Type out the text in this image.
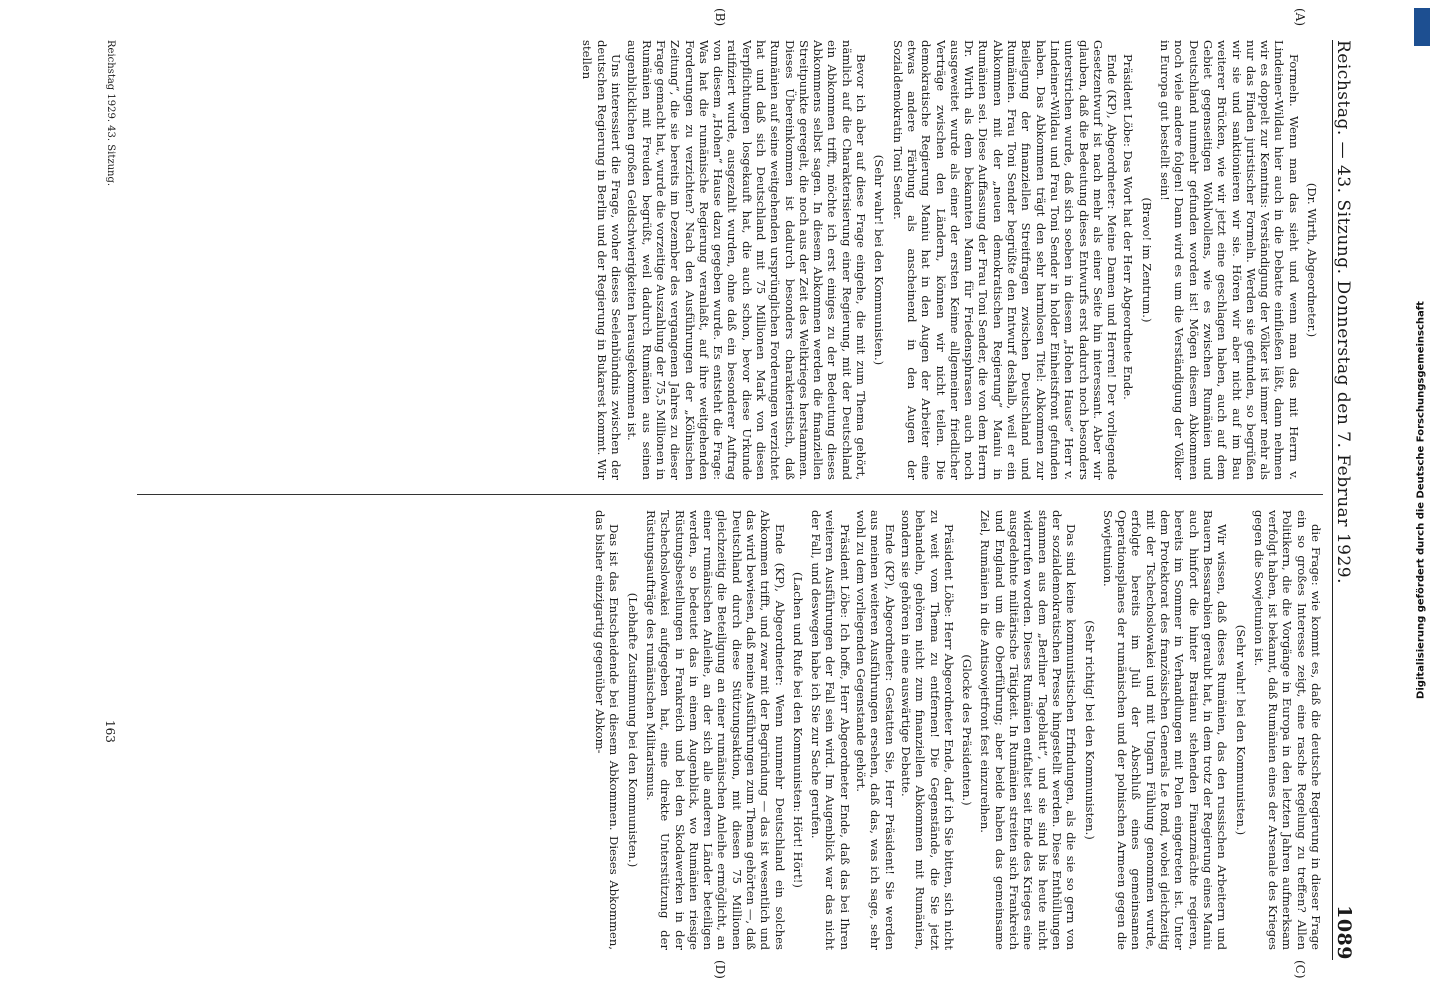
Reichstag. — 43. Sitzung. Donnerstag den 7. Februar 1929.
1089
(A)
(B)
(C)
(D)

(Dr. Wirth, Abgeordneter.)

Formeln. Wenn man das sieht und wenn man das mit Herrn v. Lindeiner-Wildau hier auch in die Debatte einfließen läßt, dann nehmen wir es doppelt zur Kenntnis: Verständigung der Völker ist immer mehr als nur das Finden juristischer Formeln. Werden sie gefunden, so begrüßen wir sie und sanktionieren wir sie. Hören wir aber nicht auf im Bau weiterer Brücken, wie wir jetzt eine geschlagen haben, auch auf dem Gebiet gegenseitigen Wohlwollens, wie es zwischen Rumänien und Deutschland nunmehr gefunden worden ist! Mögen diesem Abkommen noch viele andere folgen! Dann wird es um die Verständigung der Völker in Europa gut bestellt sein!

(Bravo! im Zentrum.)

Präsident Löbe: Das Wort hat der Herr Abgeordnete Ende.

Ende (KP), Abgeordneter: Meine Damen und Herren! Der vorliegende Gesetzentwurf ist nach mehr als einer Seite hin interessant. Aber wir glauben, daß die Bedeutung dieses Entwurfs erst dadurch noch besonders unterstrichen wurde, daß sich soeben in diesem „Hohen Hause“ Herr v. Lindeiner-Wildau und Frau Toni Sender in holder Einheitsfront gefunden haben. Das Abkommen trägt den sehr harmlosen Titel: Abkommen zur Beilegung der finanziellen Streitfragen zwischen Deutschland und Rumänien. Frau Toni Sender begrüßte den Entwurf deshalb, weil er ein Abkommen mit der „neuen demokratischen Regierung“ Maniu in Rumänien sei. Diese Auffassung der Frau Toni Sender, die von dem Herrn Dr. Wirth als dem bekannten Mann für Friedensphrasen auch noch ausgeweitet wurde als einer der ersten Keime allgemeiner friedlicher Verträge zwischen den Ländern, können wir nicht teilen. Die demokratische Regierung Maniu hat in den Augen der Arbeiter eine etwas andere Färbung als anscheinend in den Augen der Sozialdemokratin Toni Sender.

(Sehr wahr! bei den Kommunisten.)

Bevor ich aber auf diese Frage eingehe, die mit zum Thema gehört, nämlich auf die Charakterisierung einer Regierung, mit der Deutschland ein Abkommen trifft, möchte ich erst einiges zu der Bedeutung dieses Abkommens selbst sagen. In diesem Abkommen werden die finanziellen Streitpunkte geregelt, die noch aus der Zeit des Weltkrieges herstammen. Dieses Übereinkommen ist dadurch besonders charakteristisch, daß Rumänien auf seine weitgehenden ursprünglichen Forderungen verzichtet hat und daß sich Deutschland mit 75 Millionen Mark von diesen Verpflichtungen losgekauft hat, die auch schon, bevor diese Urkunde ratifiziert wurde, ausgezahlt wurden, ohne daß ein besonderer Auftrag von diesem „Hohen“ Hause dazu gegeben wurde. Es entsteht die Frage: Was hat die rumänische Regierung veranlaßt, auf ihre weitgehenden Forderungen zu verzichten? Nach den Ausführungen der „Kölnischen Zeitung“, die sie bereits im Dezember des vergangenen Jahres zu dieser Frage gemacht hat, wurde die vorzeitige Auszahlung der 75,5 Millionen in Rumänien mit Freuden begrüßt, weil dadurch Rumänien aus seinen augenblicklichen großen Geldschwierigkeiten herausgekommen ist.

Uns interessiert die Frage, woher dieses Seelenbündnis zwischen der deutschen Regierung in Berlin und der Regierung in Bukarest kommt. Wir stellen

die Frage: wie kommt es, daß die deutsche Regierung in dieser Frage ein so großes Interesse zeigt, eine rasche Regelung zu treffen? Allen Politikern, die die Vorgänge in Europa in den letzten Jahren aufmerksam verfolgt haben, ist bekannt, daß Rumänien eines der Arsenale des Krieges gegen die Sowjetunion ist.

(Sehr wahr! bei den Kommunisten.)

Wir wissen, daß dieses Rumänien, das den russischen Arbeitern und Bauern Bessarabien geraubt hat, in dem trotz der Regierung eines Maniu auch hinfort die hinter Bratianu stehenden Finanzmächte regieren, bereits im Sommer in Verhandlungen mit Polen eingetreten ist. Unter dem Protektorat des französischen Generals Le Rond, wobei gleichzeitig mit der Tschechoslowakei und mit Ungarn Fühlung genommen wurde, erfolgte bereits im Juli der Abschluß eines gemeinsamen Operationsplanes der rumänischen und der polnischen Armeen gegen die Sowjetunion.

(Sehr richtig! bei den Kommunisten.)

Das sind keine kommunistischen Erfindungen, als die sie so gern von der sozialdemokratischen Presse hingestellt werden. Diese Enthüllungen stammen aus dem „Berliner Tageblatt“, und sie sind bis heute nicht widerrufen worden. Dieses Rumänien entfaltet seit Ende des Krieges eine ausgedehnte militärische Tätigkeit. In Rumänien streiten sich Frankreich und England um die Oberführung; aber beide haben das gemeinsame Ziel, Rumänien in die Antisowjetfront fest einzureihen.

(Glocke des Präsidenten.)

Präsident Löbe: Herr Abgeordneter Ende, darf ich Sie bitten, sich nicht zu weit vom Thema zu entfernen! Die Gegenstände, die Sie jetzt behandeln, gehören nicht zum finanziellen Abkommen mit Rumänien, sondern sie gehören in eine auswärtige Debatte.

Ende (KP), Abgeordneter: Gestatten Sie, Herr Präsident! Sie werden aus meinen weiteren Ausführungen ersehen, daß das, was ich sage, sehr wohl zu dem vorliegenden Gegenstande gehört.

Präsident Löbe: Ich hoffe, Herr Abgeordneter Ende, daß das bei Ihren weiteren Ausführungen der Fall sein wird. Im Augenblick war das nicht der Fall, und deswegen habe ich Sie zur Sache gerufen.

(Lachen und Rufe bei den Kommunisten: Hört! Hört!)

Ende (KP), Abgeordneter: Wenn nunmehr Deutschland ein solches Abkommen trifft, und zwar mit der Begründung — das ist wesentlich und das wird bewiesen, daß meine Ausführungen zum Thema gehörten —, daß Deutschland durch diese Stützungsaktion, mit diesen 75 Millionen gleichzeitig die Beteiligung an einer rumänischen Anleihe ermöglicht, an einer rumänischen Anleihe, an der sich alle anderen Länder beteiligen werden, so bedeutet das in einem Augenblick, wo Rumänien riesige Rüstungsbestellungen in Frankreich und bei den Skodawerken in der Tschechoslowakei aufgegeben hat, eine direkte Unterstützung der Rüstungsaufträge des rumänischen Militarismus.

(Lebhafte Zustimmung bei den Kommunisten.)

Das ist das Entscheidende bei diesem Abkommen. Dieses Abkommen, das bisher einzigartig gegenüber Abkom-

Reichstag 1929. 43. Sitzung.
163
Digitalisierung gefördert durch die Deutsche Forschungsgemeinschaft
